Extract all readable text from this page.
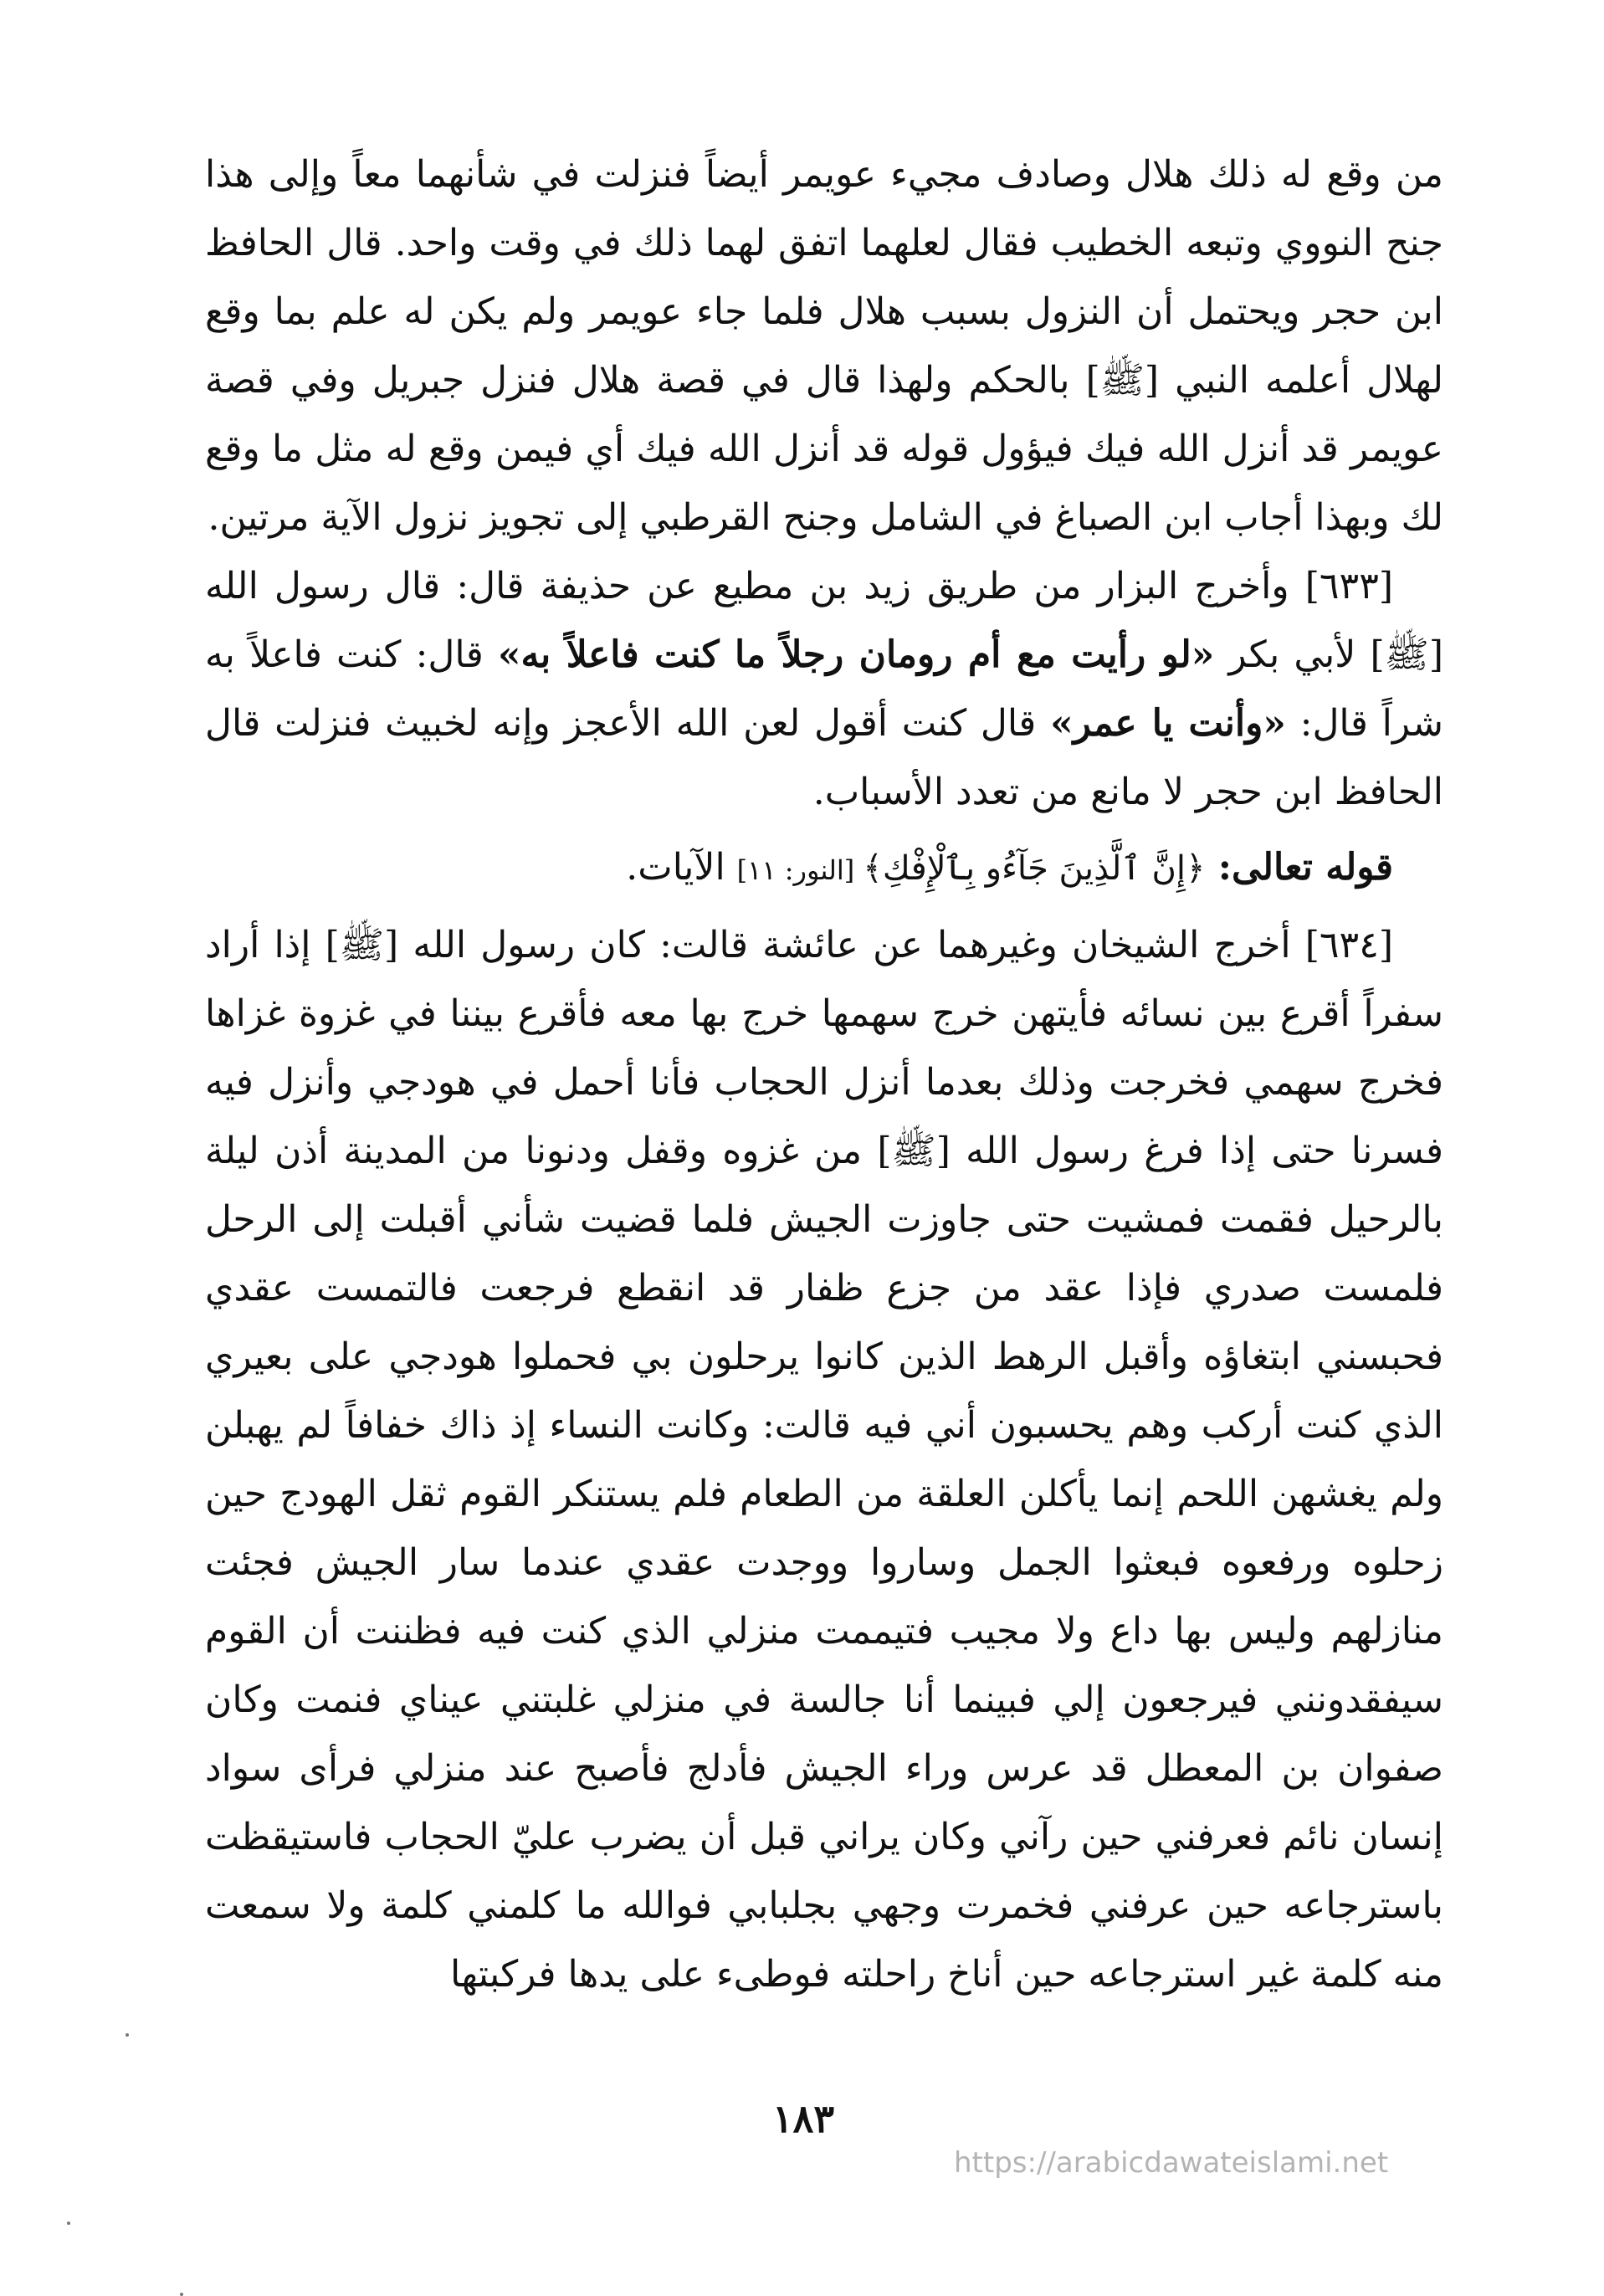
من وقع له ذلك هلال وصادف مجيء عويمر أيضاً فنزلت في شأنهما معاً وإلى هذا جنح النووي وتبعه الخطيب فقال لعلهما اتفق لهما ذلك في وقت واحد. قال الحافظ ابن حجر ويحتمل أن النزول بسبب هلال فلما جاء عويمر ولم يكن له علم بما وقع لهلال أعلمه النبي [ﷺ] بالحكم ولهذا قال في قصة هلال فنزل جبريل وفي قصة عويمر قد أنزل الله فيك فيؤول قوله قد أنزل الله فيك أي فيمن وقع له مثل ما وقع لك وبهذا أجاب ابن الصباغ في الشامل وجنح القرطبي إلى تجويز نزول الآية مرتين.

[٦٣٣] وأخرج البزار من طريق زيد بن مطيع عن حذيفة قال: قال رسول الله [ﷺ] لأبي بكر «لو رأيت مع أم رومان رجلاً ما كنت فاعلاً به» قال: كنت فاعلاً به شراً قال: «وأنت يا عمر» قال كنت أقول لعن الله الأعجز وإنه لخبيث فنزلت قال الحافظ ابن حجر لا مانع من تعدد الأسباب.

قوله تعالى: ﴿إِنَّ ٱلَّذِينَ جَآءُو بِٱلْإِفْكِ﴾ [النور: ١١] الآيات.

[٦٣٤] أخرج الشيخان وغيرهما عن عائشة قالت: كان رسول الله [ﷺ] إذا أراد سفراً أقرع بين نسائه فأيتهن خرج سهمها خرج بها معه فأقرع بيننا في غزوة غزاها فخرج سهمي فخرجت وذلك بعدما أنزل الحجاب فأنا أحمل في هودجي وأنزل فيه فسرنا حتى إذا فرغ رسول الله [ﷺ] من غزوه وقفل ودنونا من المدينة أذن ليلة بالرحيل فقمت فمشيت حتى جاوزت الجيش فلما قضيت شأني أقبلت إلى الرحل فلمست صدري فإذا عقد من جزع ظفار قد انقطع فرجعت فالتمست عقدي فحبسني ابتغاؤه وأقبل الرهط الذين كانوا يرحلون بي فحملوا هودجي على بعيري الذي كنت أركب وهم يحسبون أني فيه قالت: وكانت النساء إذ ذاك خفافاً لم يهبلن ولم يغشهن اللحم إنما يأكلن العلقة من الطعام فلم يستنكر القوم ثقل الهودج حين زحلوه ورفعوه فبعثوا الجمل وساروا ووجدت عقدي عندما سار الجيش فجئت منازلهم وليس بها داع ولا مجيب فتيممت منزلي الذي كنت فيه فظننت أن القوم سيفقدونني فيرجعون إلي فبينما أنا جالسة في منزلي غلبتني عيناي فنمت وكان صفوان بن المعطل قد عرس وراء الجيش فأدلج فأصبح عند منزلي فرأى سواد إنسان نائم فعرفني حين رآني وكان يراني قبل أن يضرب عليّ الحجاب فاستيقظت باسترجاعه حين عرفني فخمرت وجهي بجلبابي فوالله ما كلمني كلمة ولا سمعت منه كلمة غير استرجاعه حين أناخ راحلته فوطىء على يدها فركبتها

١٨٣
https://arabicdawateislami.net
